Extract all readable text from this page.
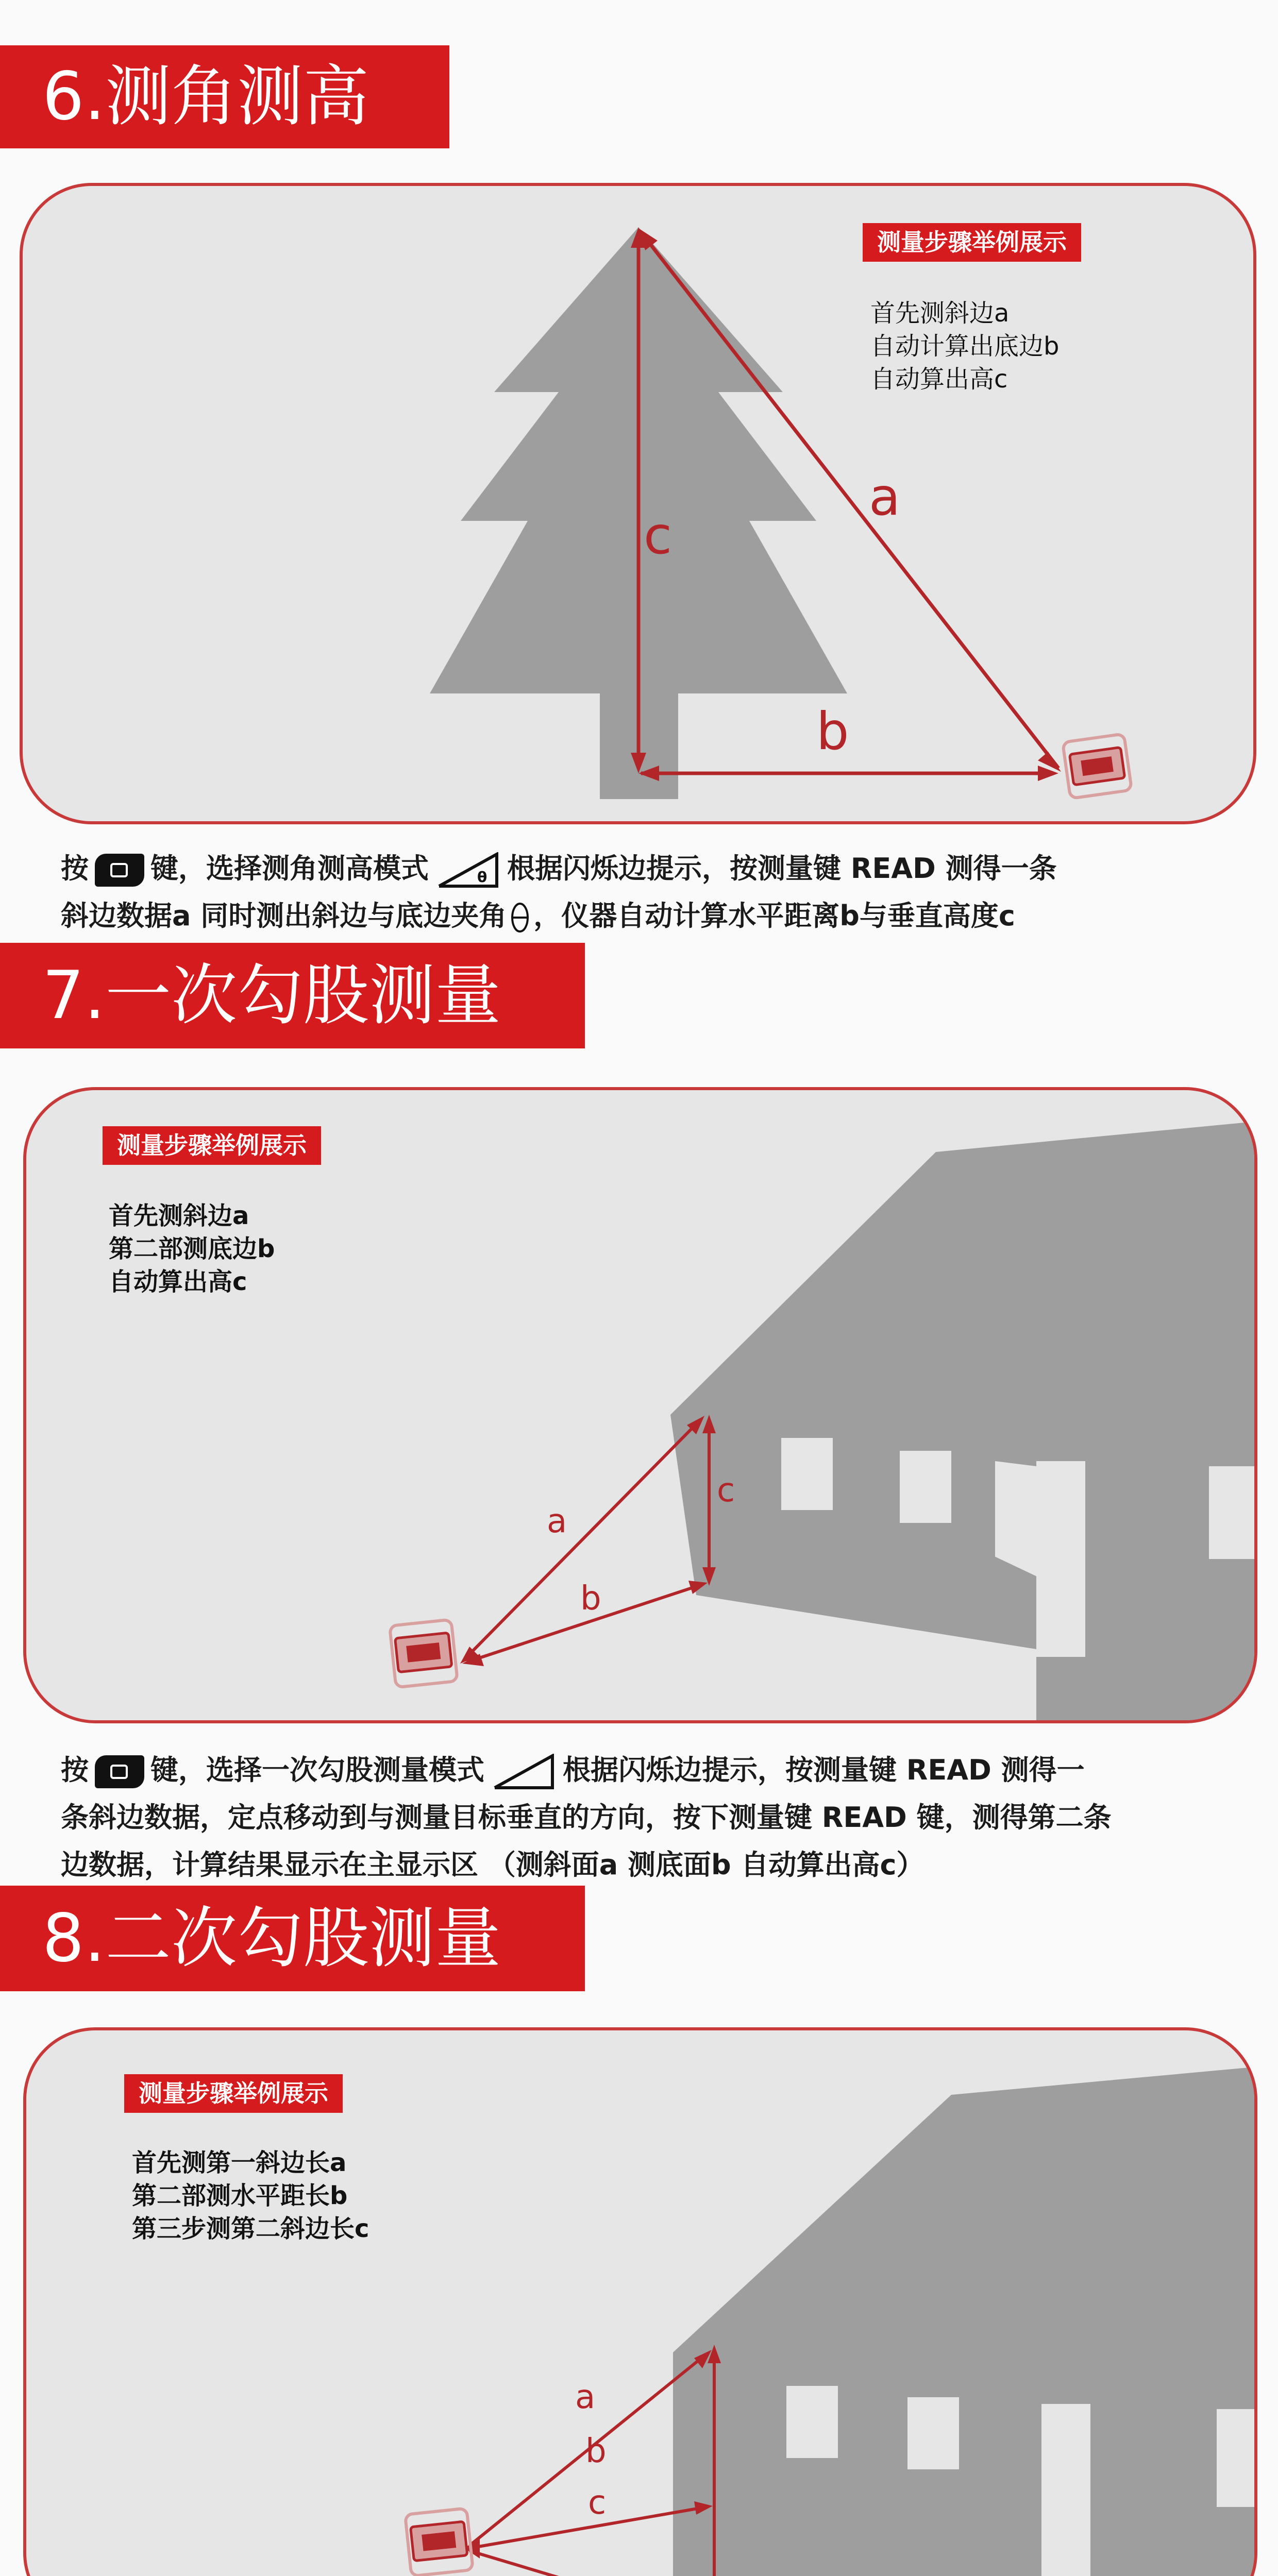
6.测角测高
c
a
b
测量步骤举例展示
首先测斜边a
自动计算出底边b
自动算出高c
按 键，选择测角测高模式	θ 根据闪烁边提示，按测量键 READ 测得一条
斜边数据a 同时测出斜边与底边夹角 ，仪器自动计算水平距离b与垂直高度c
7.一次勾股测量
a
b
c
测量步骤举例展示
首先测斜边a
第二部测底边b
自动算出高c
按 键，选择一次勾股测量模式	根据闪烁边提示，按测量键 READ 测得一
条斜边数据，定点移动到与测量目标垂直的方向，按下测量键 READ 键，测得第二条
边数据，计算结果显示在主显示区 （测斜面a 测底面b 自动算出高c）
8.二次勾股测量
a
b
c
测量步骤举例展示
首先测第一斜边长a
第二部测水平距长b
第三步测第二斜边长c
